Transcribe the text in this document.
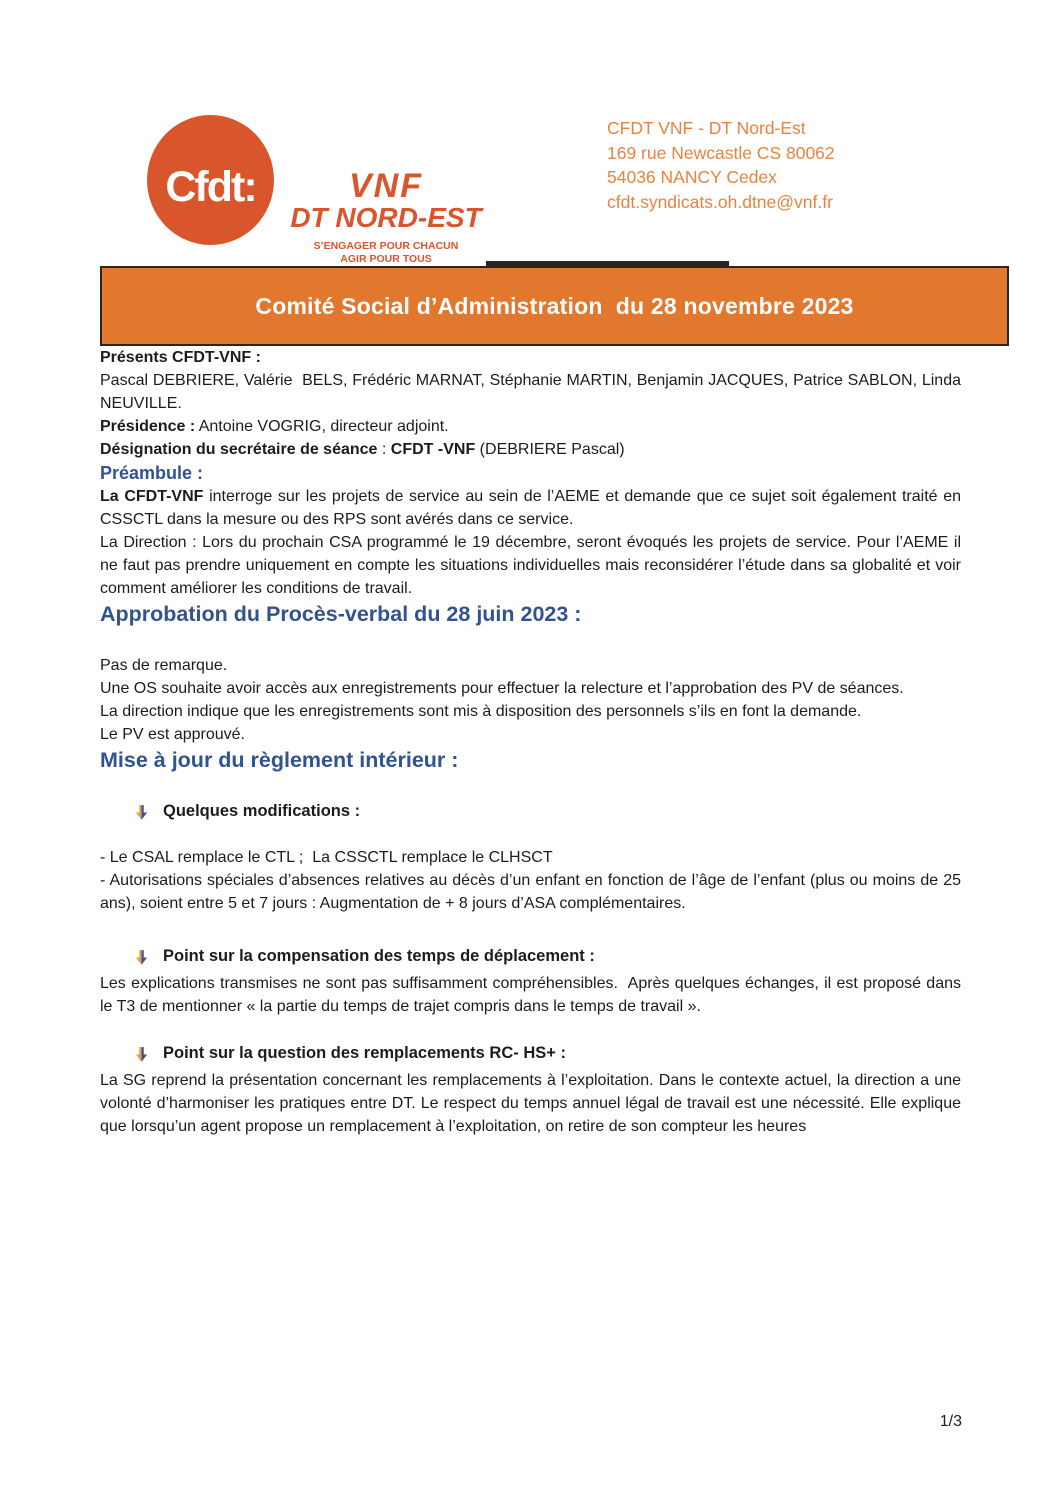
Cfdt:	VNF
DT NORD-EST
S’ENGAGER POUR CHACUN
AGIR POUR TOUS
CFDT VNF - DT Nord-Est
169 rue Newcastle CS 80062
54036 NANCY Cedex
cfdt.syndicats.oh.dtne@vnf.fr
Comité Social d’Administration  du 28 novembre 2023

Présents CFDT-VNF :

Pascal DEBRIERE, Valérie  BELS, Frédéric MARNAT, Stéphanie MARTIN, Benjamin JACQUES, Patrice SABLON, Linda NEUVILLE.

Présidence : Antoine VOGRIG, directeur adjoint.

Désignation du secrétaire de séance : CFDT -VNF (DEBRIERE Pascal)

Préambule :

La CFDT-VNF interroge sur les projets de service au sein de l’AEME et demande que ce sujet soit également traité en CSSCTL dans la mesure ou des RPS sont avérés dans ce service.

La Direction : Lors du prochain CSA programmé le 19 décembre, seront évoqués les projets de service. Pour l’AEME il ne faut pas prendre uniquement en compte les situations individuelles mais reconsidérer l’étude dans sa globalité et voir comment améliorer les conditions de travail.

Approbation du Procès-verbal du 28 juin 2023 :

Pas de remarque.

Une OS souhaite avoir accès aux enregistrements pour effectuer la relecture et l’approbation des PV de séances.

La direction indique que les enregistrements sont mis à disposition des personnels s’ils en font la demande.

Le PV est approuvé.

Mise à jour du règlement intérieur :

Quelques modifications :

- Le CSAL remplace le CTL ;  La CSSCTL remplace le CLHSCT

- Autorisations spéciales d’absences relatives au décès d’un enfant en fonction de l’âge de l’enfant (plus ou moins de 25 ans), soient entre 5 et 7 jours : Augmentation de + 8 jours d’ASA complémentaires.

Point sur la compensation des temps de déplacement :

Les explications transmises ne sont pas suffisamment compréhensibles.  Après quelques échanges, il est proposé dans le T3 de mentionner « la partie du temps de trajet compris dans le temps de travail ».

Point sur la question des remplacements RC- HS+ :

La SG reprend la présentation concernant les remplacements à l’exploitation. Dans le contexte actuel, la direction a une volonté d’harmoniser les pratiques entre DT. Le respect du temps annuel légal de travail est une nécessité. Elle explique que lorsqu’un agent propose un remplacement à l’exploitation, on retire de son compteur les heures

1/3
